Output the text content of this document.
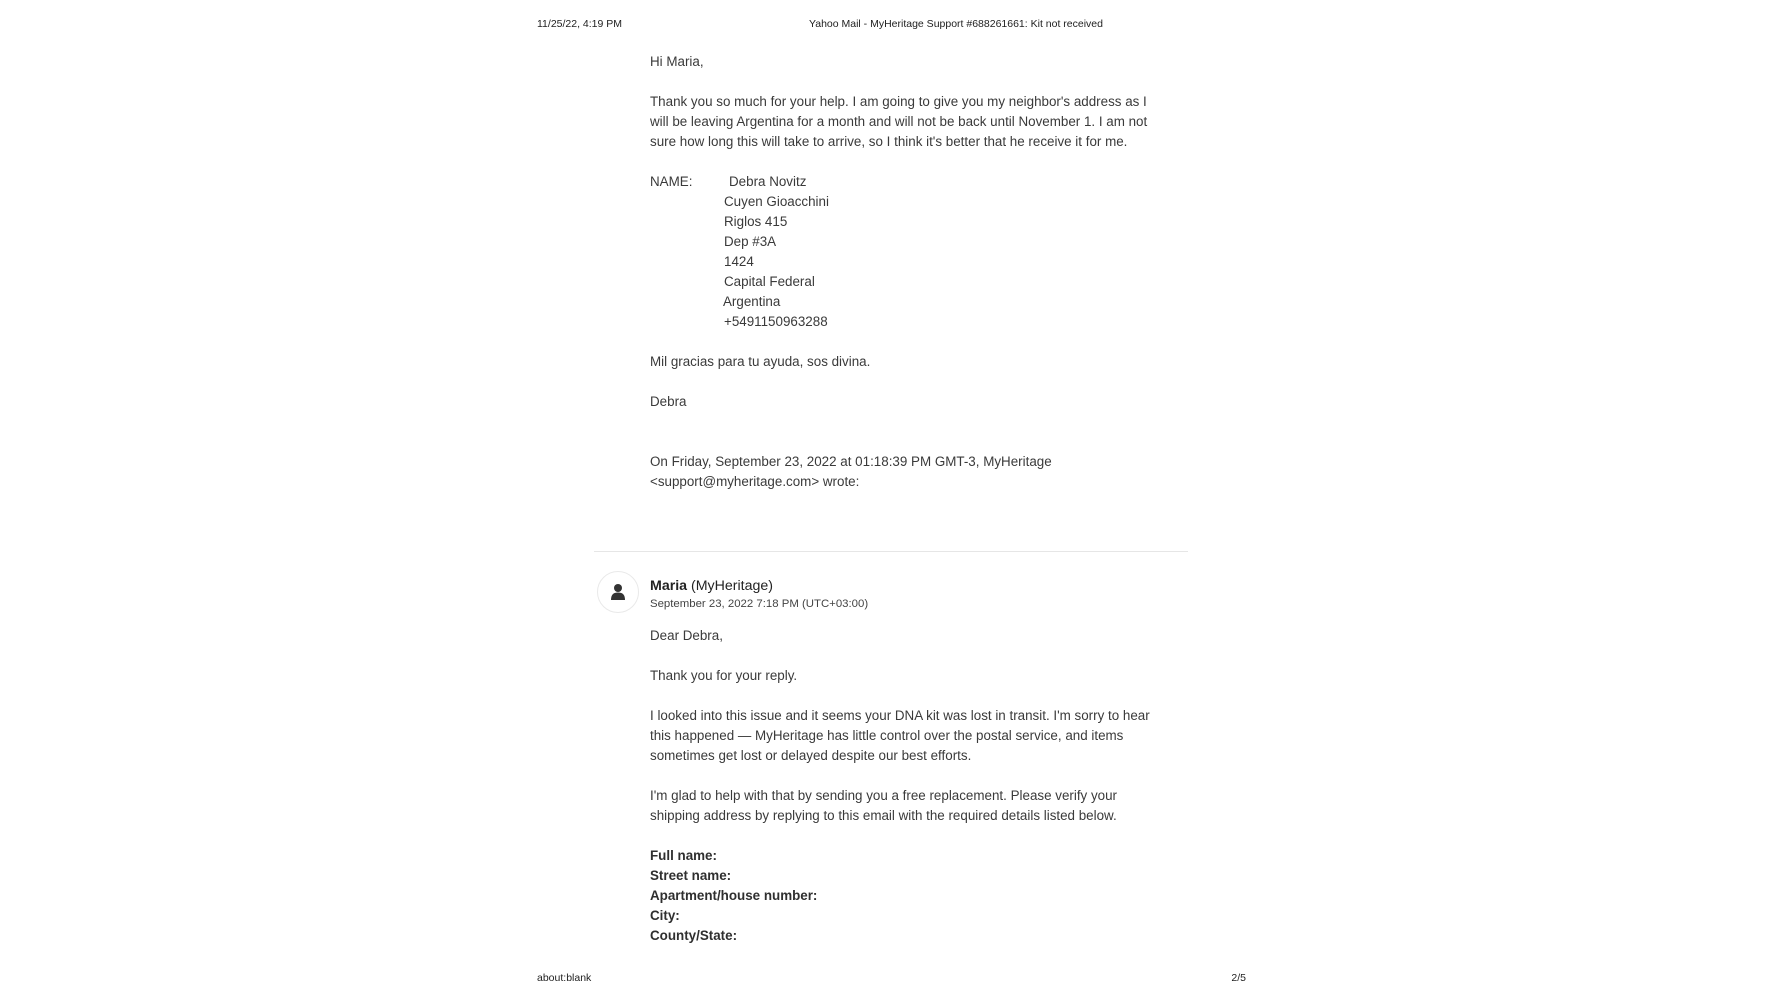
11/25/22, 4:19 PM	Yahoo Mail - MyHeritage Support #688261661: Kit not received

Hi Maria,

Thank you so much for your help. I am going to give you my neighbor's address as I

will be leaving Argentina for a month and will not be back until November 1. I am not

sure how long this will take to arrive, so I think it's better that he receive it for me.

NAME:	Debra Novitz
Cuyen Gioacchini
Riglos 415
Dep #3A
1424
Capital Federal
Argentina
+5491150963288

Mil gracias para tu ayuda, sos divina.

Debra

On Friday, September 23, 2022 at 01:18:39 PM GMT-3, MyHeritage

<support@myheritage.com> wrote:

Maria (MyHeritage)
September 23, 2022 7:18 PM (UTC+03:00)

Dear Debra,

Thank you for your reply.

I looked into this issue and it seems your DNA kit was lost in transit. I'm sorry to hear

this happened — MyHeritage has little control over the postal service, and items

sometimes get lost or delayed despite our best efforts.

I'm glad to help with that by sending you a free replacement. Please verify your

shipping address by replying to this email with the required details listed below.

Full name:

Street name:

Apartment/house number:

City:

County/State:

about:blank	2/5
